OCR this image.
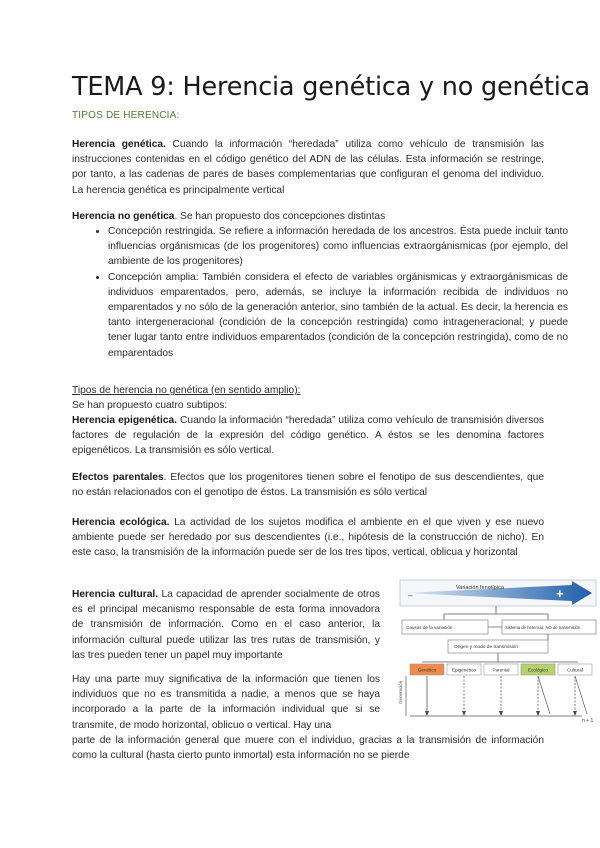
TEMA 9: Herencia genética y no genética
TIPOS DE HERENCIA:

Herencia genética. Cuando la información “heredada” utiliza como vehículo de transmisión las instrucciones contenidas en el código genético del ADN de las células. Esta información se restringe, por tanto, a las cadenas de pares de bases complementarias que configuran el genoma del individuo. La herencia genética es principalmente vertical

Herencia no genética. Se han propuesto dos concepciones distintas

• Concepción restringida. Se refiere a información heredada de los ancestros. Ésta puede incluir tanto influencias orgánismicas (de los progenitores) como influencias extraorgánismicas (por ejemplo, del ambiente de los progenitores)
• Concepción amplia: También considera el efecto de variables orgánismicas y extraorgánismicas de individuos emparentados, pero, además, se incluye la información recibida de individuos no emparentados y no sólo de la generación anterior, sino también de la actual. Es decir, la herencia es tanto intergeneracional (condición de la concepción restringida) como intrageneracional; y puede tener lugar tanto entre individuos emparentados (condición de la concepción restringida), como de no emparentados

Tipos de herencia no genética (en sentido amplio):
Se han propuesto cuatro subtipos:

Herencia epigenética. Cuando la información “heredada” utiliza como vehículo de transmisión diversos factores de regulación de la expresión del código genético. A éstos se les denomina factores epigenéticos. La transmisión es sólo vertical.

Efectos parentales. Efectos que los progenitores tienen sobre el fenotipo de sus descendientes, que no están relacionados con el genotipo de éstos. La transmisión es sólo vertical

Herencia ecológica. La actividad de los sujetos modifica el ambiente en el que viven y ese nuevo ambiente puede ser heredado por sus descendientes (i.e., hipótesis de la construcción de nicho). En este caso, la transmisión de la información puede ser de los tres tipos, vertical, oblicua y horizontal

Herencia cultural. La capacidad de aprender socialmente de otros es el principal mecanismo responsable de esta forma innovadora de transmisión de información. Como en el caso anterior, la información cultural puede utilizar las tres rutas de transmisión, y las tres pueden tener un papel muy importante

Hay una parte muy significativa de la información que tienen los individuos que no es transmitida a nadie, a menos que se haya incorporado a la parte de la información individual que si se transmite, de modo horizontal, oblicuo o vertical. Hay una

parte de la información general que muere con el individuo, gracias a la transmisión de información como la cultural (hasta cierto punto inmortal) esta información no se pierde

Variación fenotípica	+
–
Causas de la variación	Sistema de herencia: NO de transmisión
Origen y modo de transmisión
Genético	Epigenético	Parental	Ecológico	Cultural
Generación
n + 1
